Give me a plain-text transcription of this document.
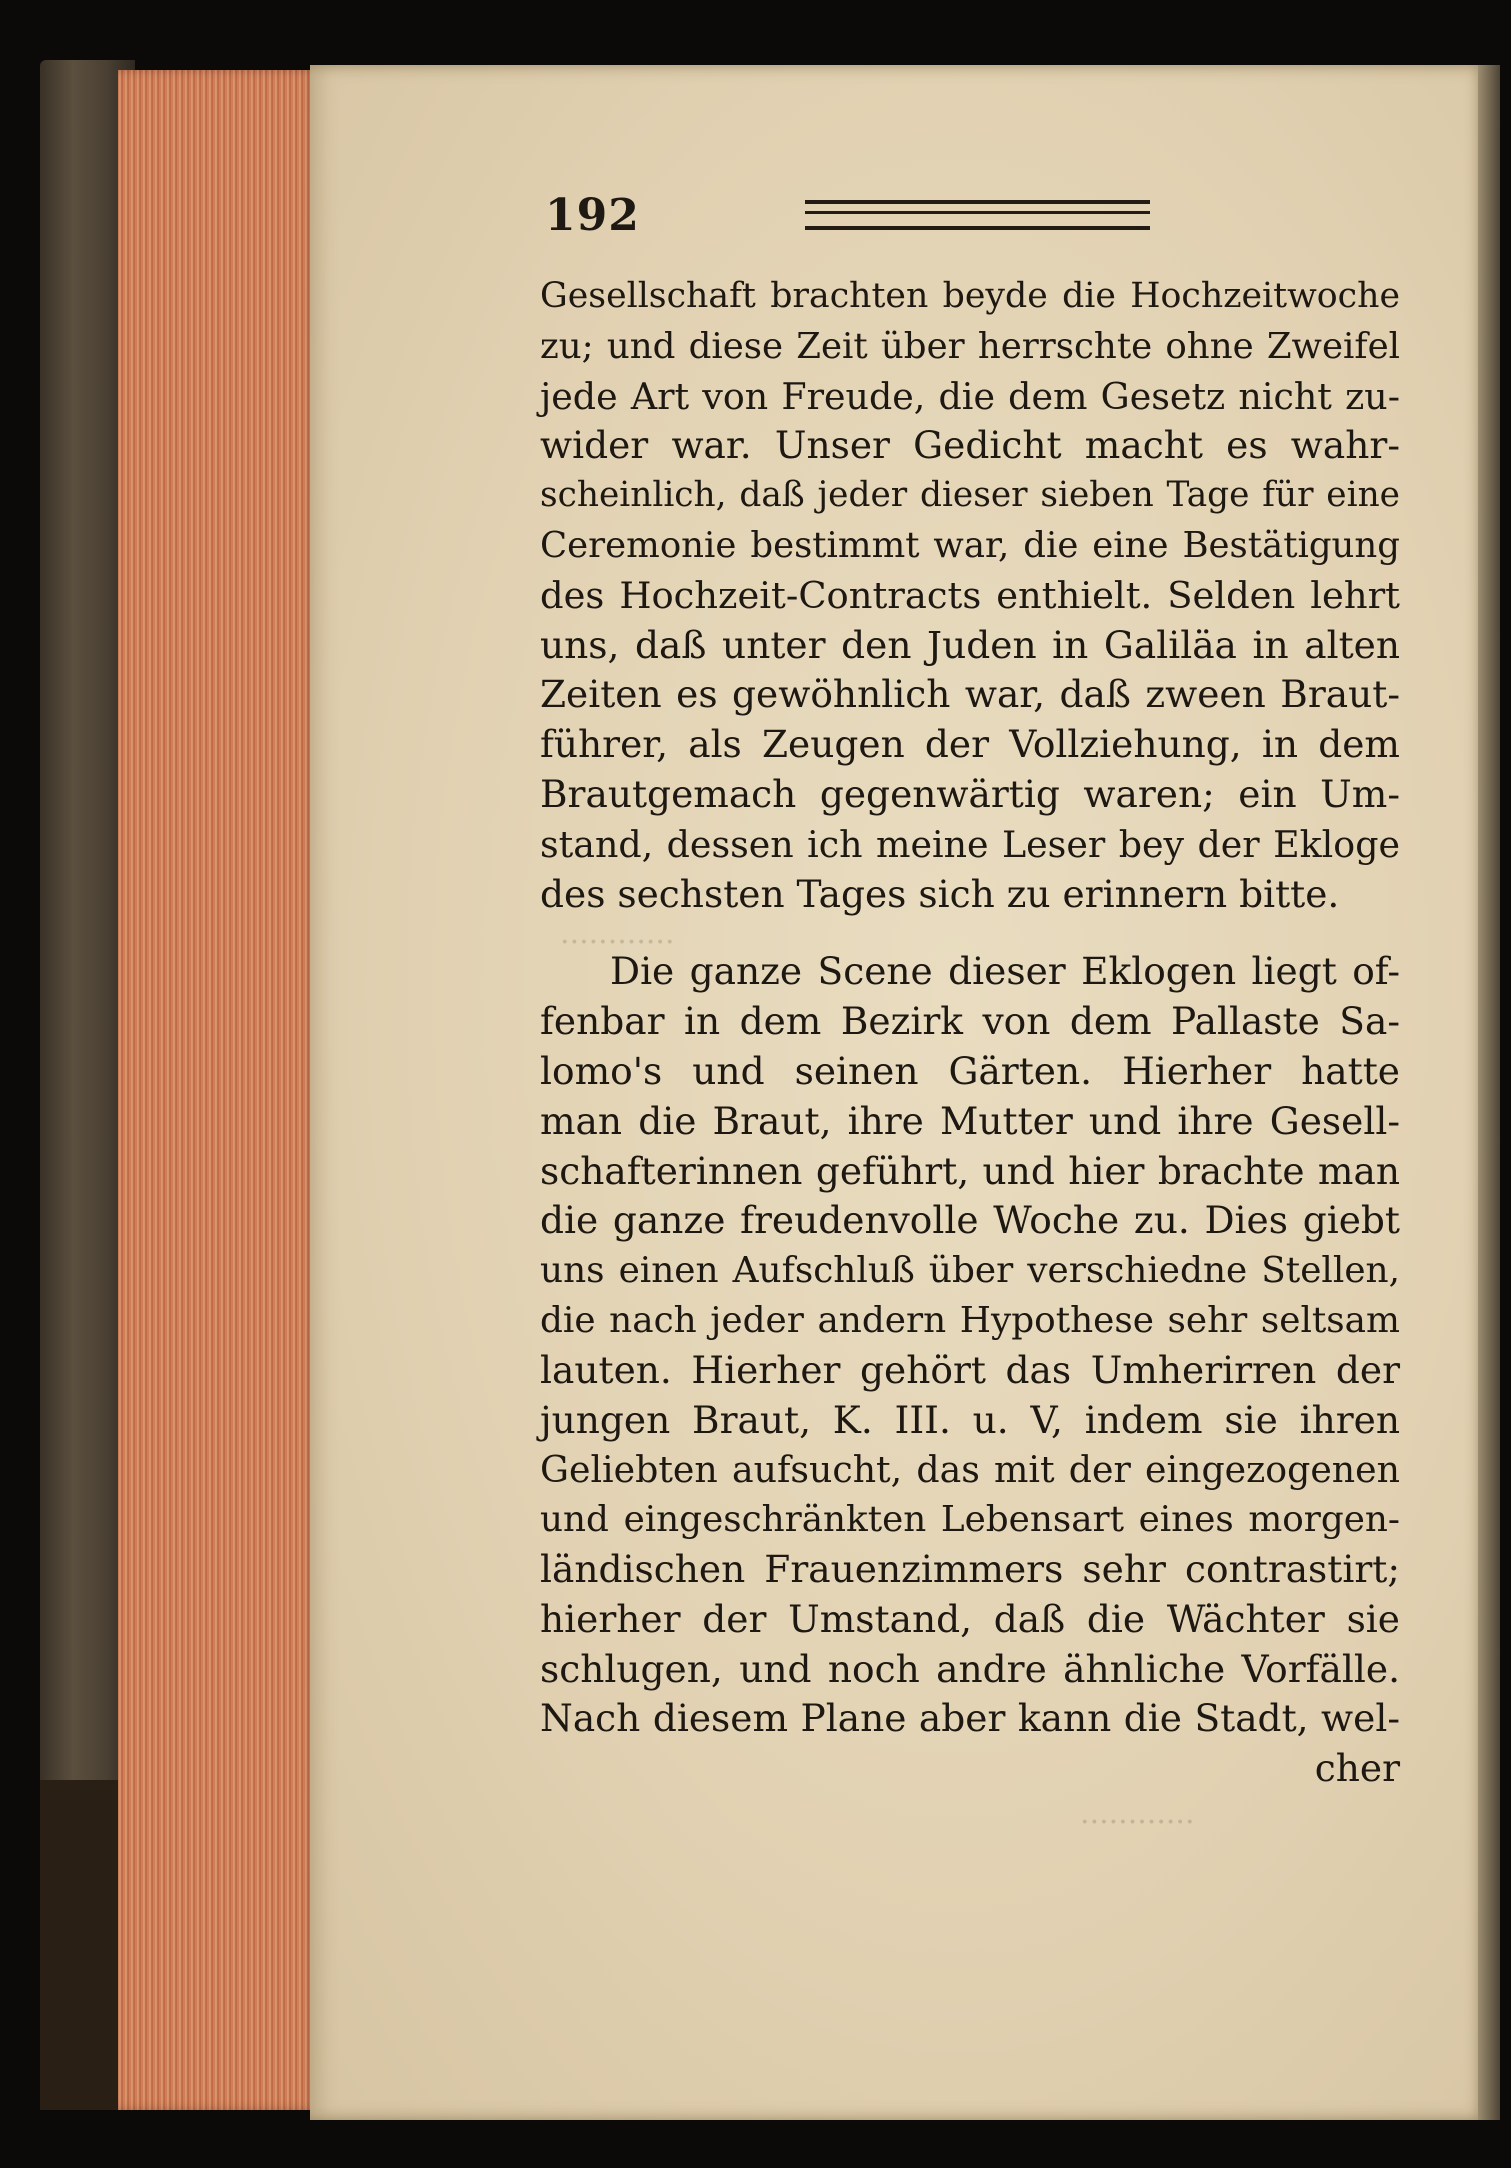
192
············
············
Gesellschaft brachten beyde die Hochzeitwoche
zu; und diese Zeit über herrschte ohne Zweifel
jede Art von Freude, die dem Gesetz nicht zu-
wider war. Unser Gedicht macht es wahr-
scheinlich, daß jeder dieser sieben Tage für eine
Ceremonie bestimmt war, die eine Bestätigung
des Hochzeit-Contracts enthielt. Selden lehrt
uns, daß unter den Juden in Galiläa in alten
Zeiten es gewöhnlich war, daß zween Braut-
führer, als Zeugen der Vollziehung, in dem
Brautgemach gegenwärtig waren; ein Um-
stand, dessen ich meine Leser bey der Ekloge
des sechsten Tages sich zu erinnern bitte.
Die ganze Scene dieser Eklogen liegt of-
fenbar in dem Bezirk von dem Pallaste Sa-
lomo's und seinen Gärten. Hierher hatte
man die Braut, ihre Mutter und ihre Gesell-
schafterinnen geführt, und hier brachte man
die ganze freudenvolle Woche zu. Dies giebt
uns einen Aufschluß über verschiedne Stellen,
die nach jeder andern Hypothese sehr seltsam
lauten. Hierher gehört das Umherirren der
jungen Braut, K. III. u. V, indem sie ihren
Geliebten aufsucht, das mit der eingezogenen
und eingeschränkten Lebensart eines morgen-
ländischen Frauenzimmers sehr contrastirt;
hierher der Umstand, daß die Wächter sie
schlugen, und noch andre ähnliche Vorfälle.
Nach diesem Plane aber kann die Stadt, wel-
cher
